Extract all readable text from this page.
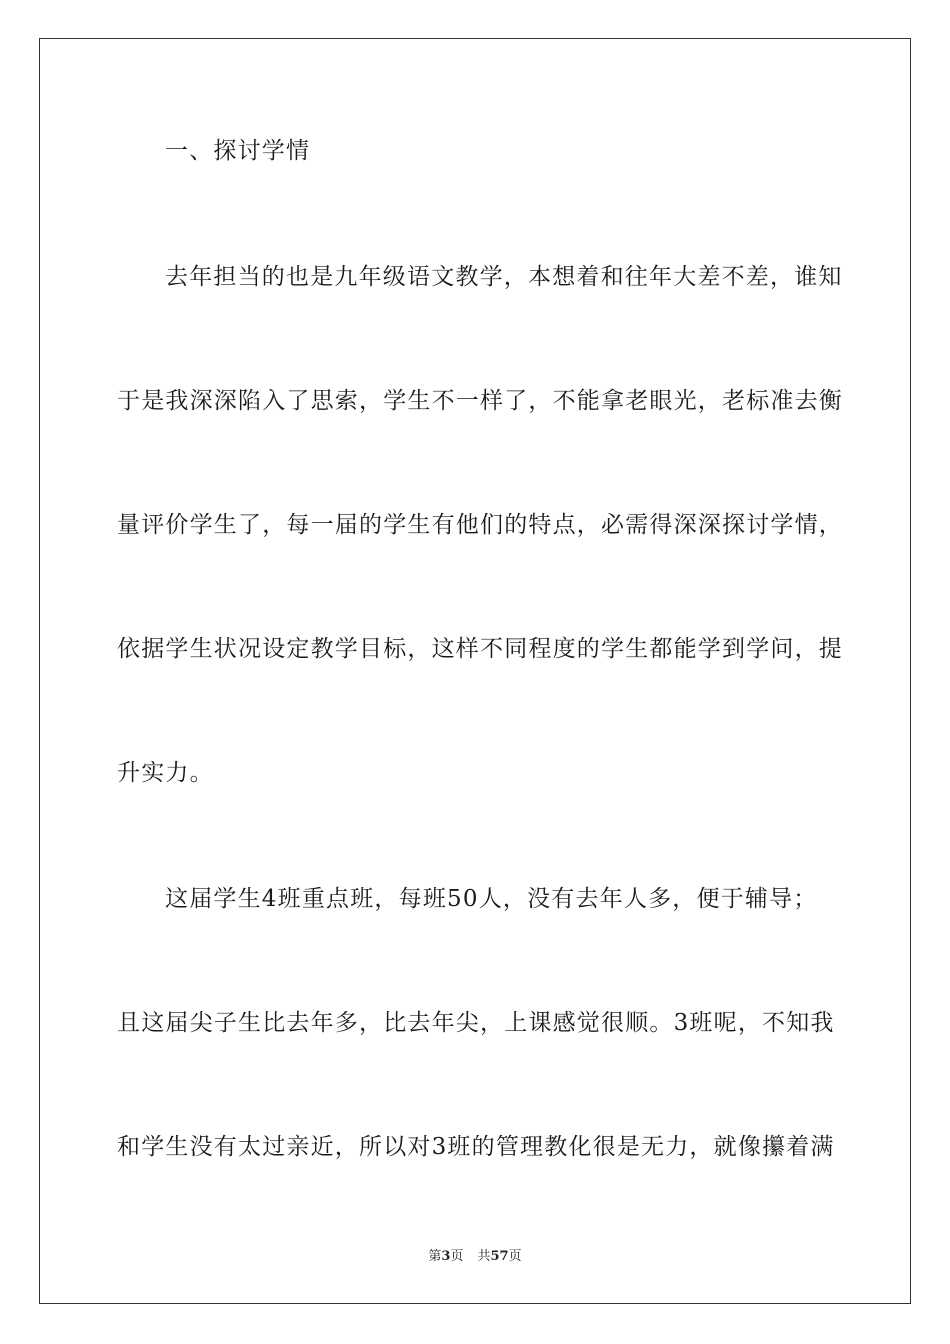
一、探讨学情
去年担当的也是九年级语文教学，本想着和往年大差不差，谁知
于是我深深陷入了思索，学生不一样了，不能拿老眼光，老标准去衡
量评价学生了，每一届的学生有他们的特点，必需得深深探讨学情，
依据学生状况设定教学目标，这样不同程度的学生都能学到学问，提
升实力。
这届学生4班重点班，每班50人，没有去年人多，便于辅导；
且这届尖子生比去年多，比去年尖，上课感觉很顺。3班呢，不知我
和学生没有太过亲近，所以对3班的管理教化很是无力，就像攥着满
第3页 共57页
